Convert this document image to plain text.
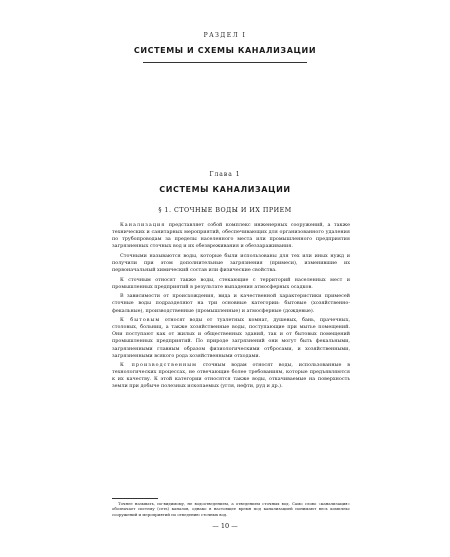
РАЗДЕЛ I
СИСТЕМЫ И СХЕМЫ КАНАЛИЗАЦИИ
Глава 1
СИСТЕМЫ КАНАЛИЗАЦИИ
§ 1. СТОЧНЫЕ ВОДЫ И ИХ ПРИЕМ

Канализация представляет собой комплекс инженерных сооружений, а также технических и санитарных мероприятий, обеспечивающих для организованного удаления по трубопроводам за пределы населенного места или промышленного предприятия загрязненных сточных вод и их обезвреживания и обеззараживания.

Сточными называются воды, которые были использованы для тех или иных нужд и получили при этом дополнительные загрязнения (примеси), изменившие их первоначальный химический состав или физические свойства.

К сточным относят также воды, стекающие с территорий населенных мест и промышленных предприятий в результате выпадения атмосферных осадков.

В зависимости от происхождения, вида и качественной характеристики примесей сточные воды подразделяют на три основные категории: бытовые (хозяйственно-фекальные), производственные (промышленные) и атмосферные (дождевые).

К бытовым относят воды от туалетных комнат, душевых, бань, прачечных, столовых, больниц, а также хозяйственные воды, поступающие при мытье помещений. Они поступают как от жилых и общественных зданий, так и от бытовых помещений промышленных предприятий. По природе загрязнений они могут быть фекальными, загрязненными главным образом физиологическими отбросами, и хозяйственными, загрязненными всякого рода хозяйственными отходами.

К производственным сточным водам относят воды, использованные в технологических процессах, не отвечающие более требованиям, которые предъявляются к их качеству. К этой категории относятся также воды, откачиваемые на поверхность земли при добыче полезных ископаемых (угля, нефти, руд и др.).

Точнее называть, по-видимому, не водоотведением, а отведением сточных вод. Само слово «канализация» обозначает систему (сеть) каналов, однако в настоящее время под канализацией понимают весь комплекс сооружений и мероприятий по отведению сточных вод.
— 10 —
